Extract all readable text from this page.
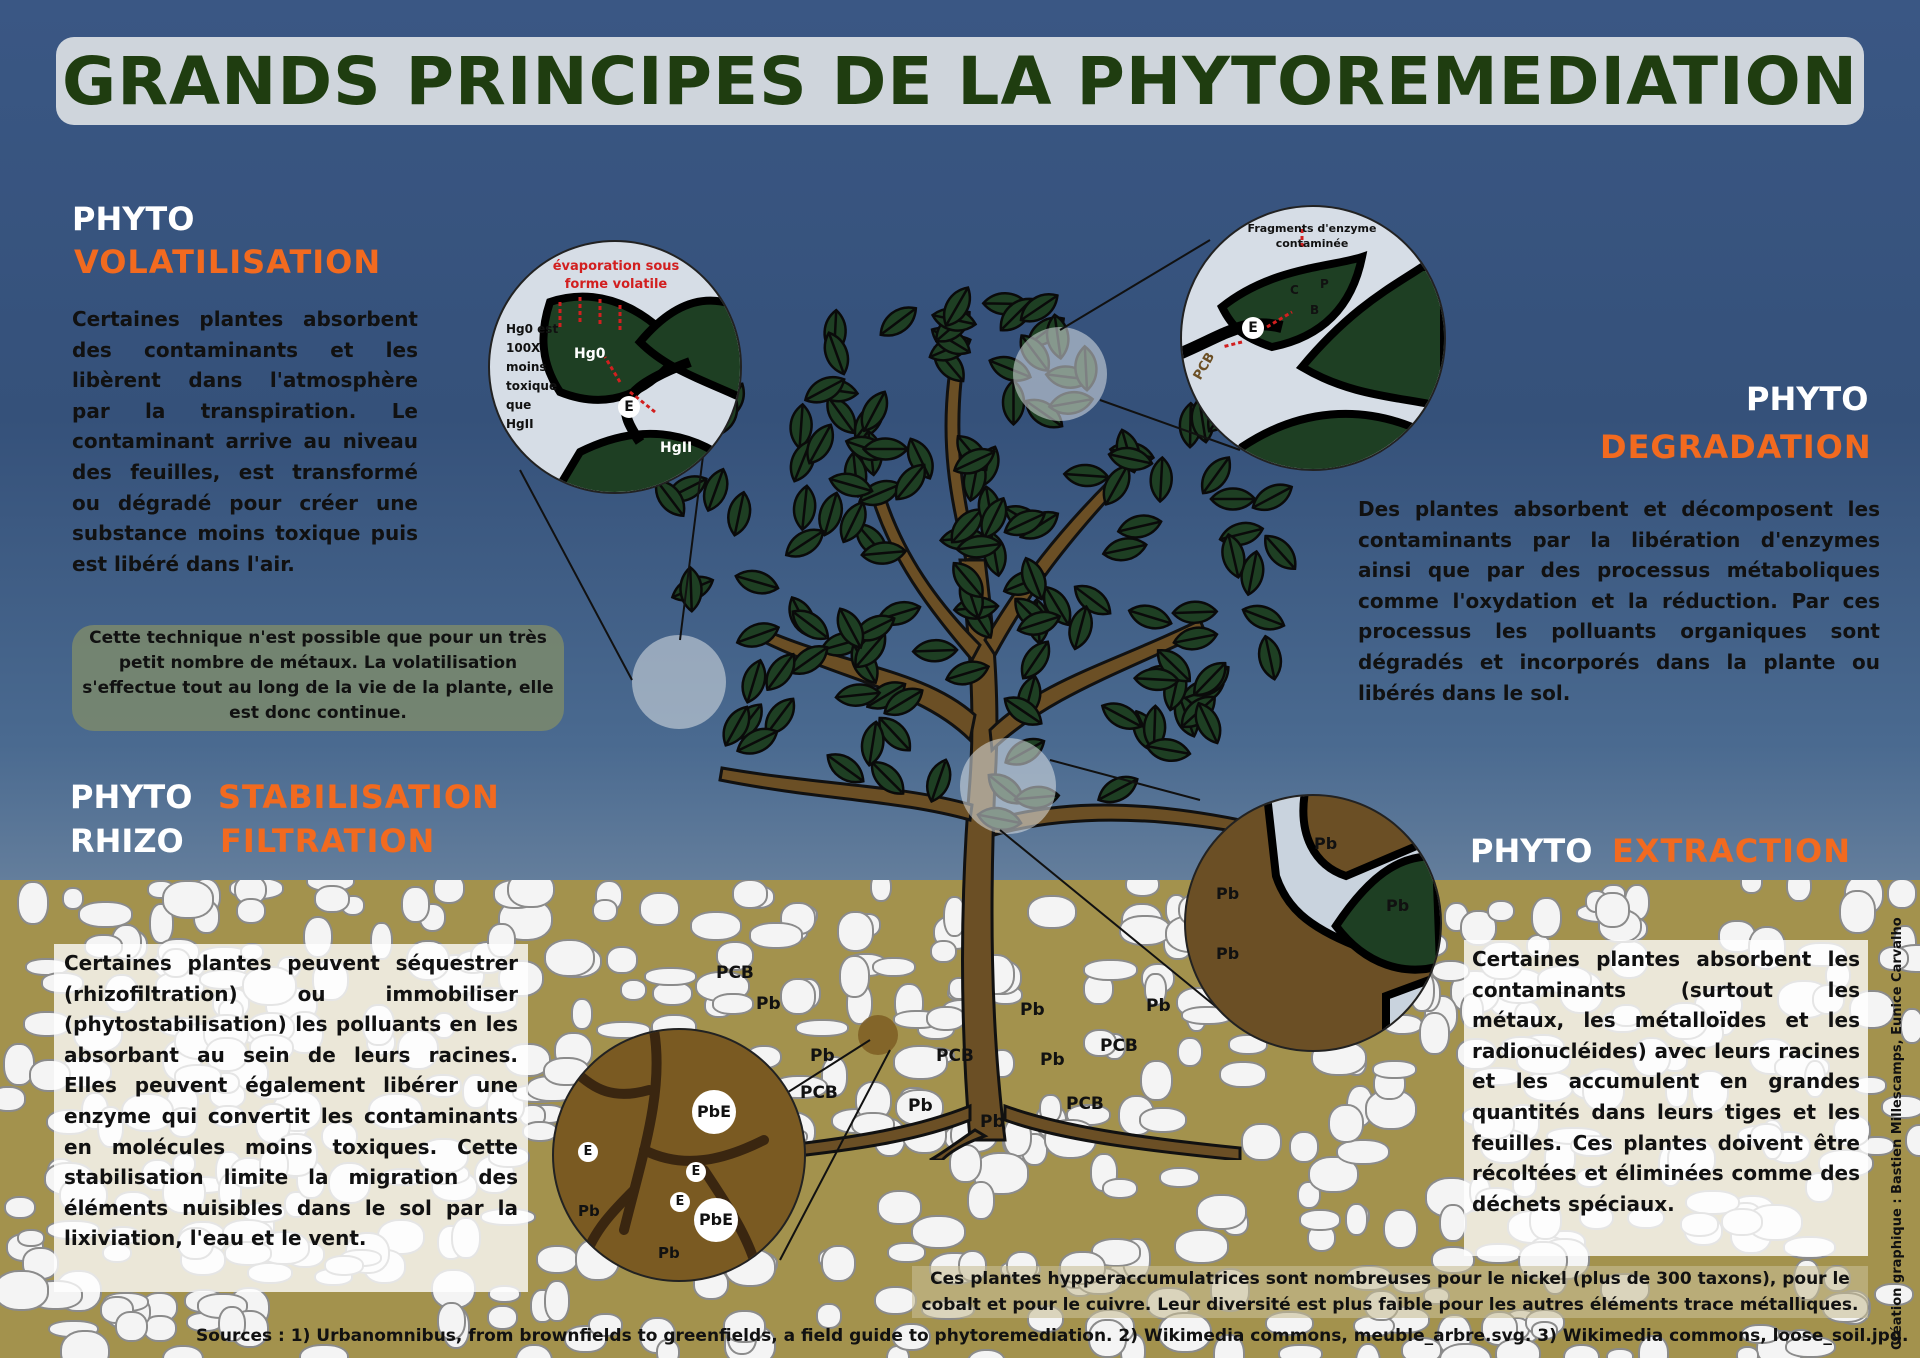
GRANDS PRINCIPES DE LA PHYTOREMEDIATION
évaporation sous forme volatile
Hg0 est 100X moins toxique que HgII
Hg0
E
HgII
Fragments d'enzyme contaminée
E
PCB
C P
B
Pb
Pb
Pb
Pb
PbE
PbE
E
E
E
Pb
Pb
PCB
Pb
Pb
PCB
PCB
Pb
Pb
Pb
PCB
Pb
PCB
Pb
PHYTO
VOLATILISATION
Certaines plantes absorbent des contaminants et les libèrent dans l'atmosphère par la transpiration. Le contaminant arrive au niveau des feuilles, est transformé ou dégradé pour créer une substance moins toxique puis est libéré dans l'air.
Cette technique n'est possible que pour un très petit nombre de métaux. La volatilisation s'effectue tout au long de la vie de la plante, elle est donc continue.
PHYTO
DEGRADATION
Des plantes absorbent et décomposent les contaminants par la libération d'enzymes ainsi que par des processus métaboliques comme l'oxydation et la réduction. Par ces processus les polluants organiques sont dégradés et incorporés dans la plante ou libérés dans le sol.
PHYTO STABILISATION
RHIZO FILTRATION
Certaines plantes peuvent séquestrer (rhizofiltration) ou immobiliser (phytostabilisation) les polluants en les absorbant au sein de leurs racines. Elles peuvent également libérer une enzyme qui convertit les contaminants en molécules moins toxiques. Cette stabilisation limite la migration des éléments nuisibles dans le sol par la lixiviation, l'eau et le vent.
PHYTO EXTRACTION
Certaines plantes absorbent les contaminants (surtout les métaux, les métalloïdes et les radionucléides) avec leurs racines et les accumulent en grandes quantités dans leurs tiges et les feuilles. Ces plantes doivent être récoltées et éliminées comme des déchets spéciaux.
Ces plantes hypperaccumulatrices sont nombreuses pour le nickel (plus de 300 taxons), pour le cobalt et pour le cuivre. Leur diversité est plus faible pour les autres éléments trace métalliques.
Sources : 1) Urbanomnibus, from brownfields to greenfields, a field guide to phytoremediation. 2) Wikimedia commons, meuble_arbre.svg. 3) Wikimedia commons, loose_soil.jpg.
Création graphique : Bastien Millescamps, Eunice Carvalho
